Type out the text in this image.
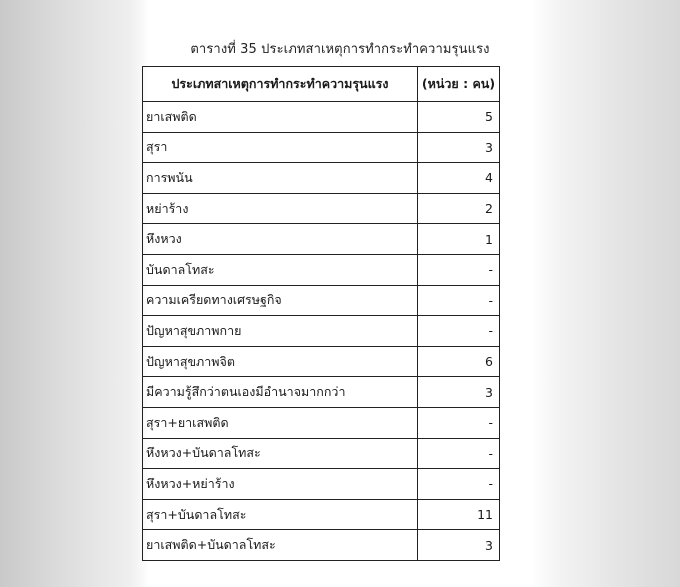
ตารางที่ 35 ประเภทสาเหตุการทำกระทำความรุนแรง
ประเภทสาเหตุการทำกระทำความรุนแรง	(หน่วย : คน)
ยาเสพติด	5
สุรา	3
การพนัน	4
หย่าร้าง	2
หึงหวง	1
บันดาลโทสะ	-
ความเครียดทางเศรษฐกิจ	-
ปัญหาสุขภาพกาย	-
ปัญหาสุขภาพจิต	6
มีความรู้สึกว่าตนเองมีอำนาจมากกว่า	3
สุรา+ยาเสพติด	-
หึงหวง+บันดาลโทสะ	-
หึงหวง+หย่าร้าง	-
สุรา+บันดาลโทสะ	11
ยาเสพติด+บันดาลโทสะ	3
